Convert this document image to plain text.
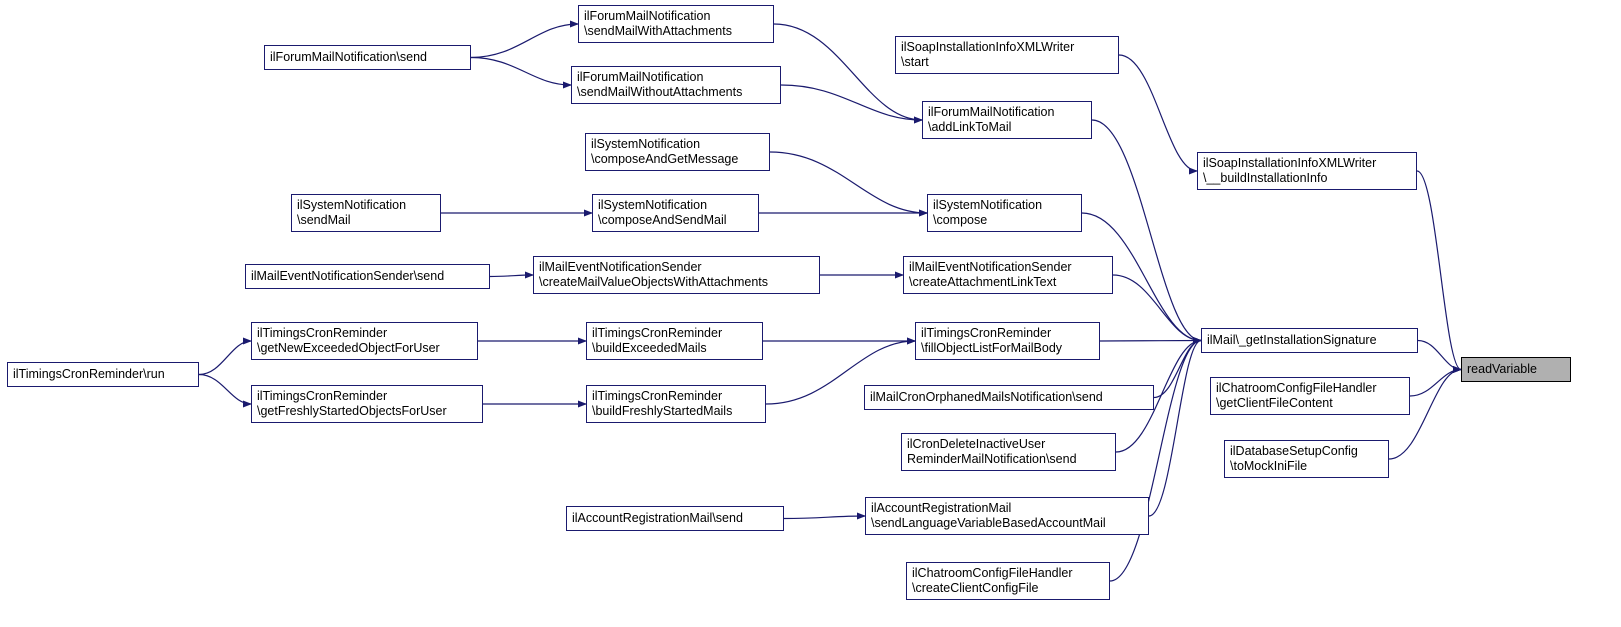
ilForumMailNotification
\sendMailWithAttachments
ilSoapInstallationInfoXMLWriter
\start
ilForumMailNotification\send
ilForumMailNotification
\sendMailWithoutAttachments
ilForumMailNotification
\addLinkToMail
ilSystemNotification
\composeAndGetMessage	ilSoapInstallationInfoXMLWriter
\__buildInstallationInfo
ilSystemNotification
\sendMail
ilSystemNotification
\composeAndSendMail
ilSystemNotification
\compose
ilMailEventNotificationSender\send
ilMailEventNotificationSender
\createMailValueObjectsWithAttachments
ilMailEventNotificationSender
\createAttachmentLinkText
ilTimingsCronReminder
\getNewExceededObjectForUser
ilTimingsCronReminder
\buildExceededMails
ilTimingsCronReminder
\fillObjectListForMailBody
ilMail\_getInstallationSignature
readVariable
ilTimingsCronReminder\run
ilMailCronOrphanedMailsNotification\send
ilChatroomConfigFileHandler
\getClientFileContent
ilTimingsCronReminder
\getFreshlyStartedObjectsForUser
ilTimingsCronReminder
\buildFreshlyStartedMails
ilCronDeleteInactiveUser
ReminderMailNotification\send
ilDatabaseSetupConfig
\toMockIniFile
ilAccountRegistrationMail\send
ilAccountRegistrationMail
\sendLanguageVariableBasedAccountMail
ilChatroomConfigFileHandler
\createClientConfigFile
